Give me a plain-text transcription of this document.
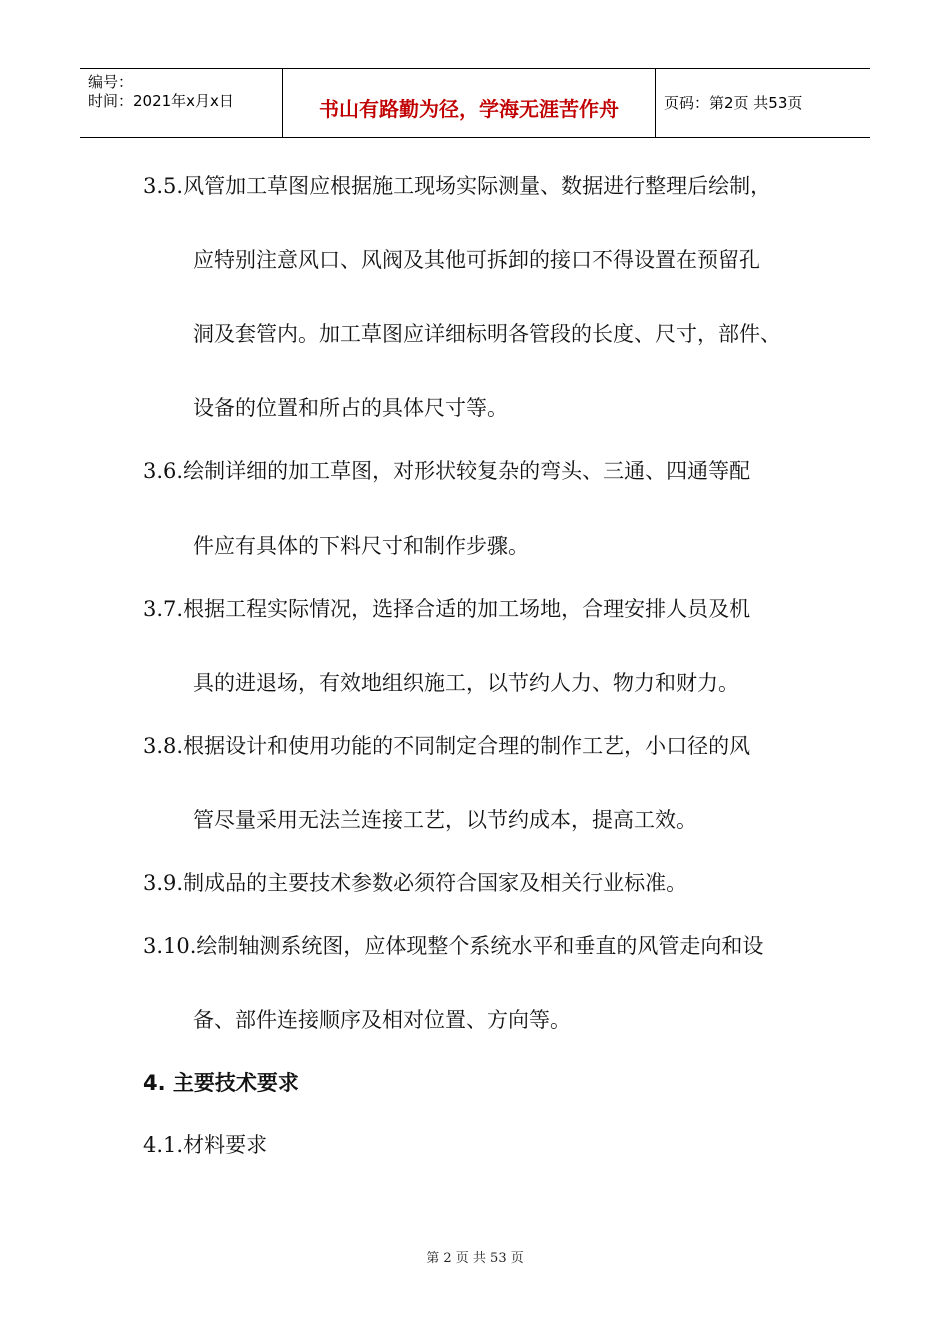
编号：
时间：2021年x月x日	书山有路勤为径，学海无涯苦作舟	页码：第2页 共53页
3.5.风管加工草图应根据施工现场实际测量、数据进行整理后绘制，
应特别注意风口、风阀及其他可拆卸的接口不得设置在预留孔
洞及套管内。加工草图应详细标明各管段的长度、尺寸，部件、
设备的位置和所占的具体尺寸等。
3.6.绘制详细的加工草图，对形状较复杂的弯头、三通、四通等配
件应有具体的下料尺寸和制作步骤。
3.7.根据工程实际情况，选择合适的加工场地，合理安排人员及机
具的进退场，有效地组织施工，以节约人力、物力和财力。
3.8.根据设计和使用功能的不同制定合理的制作工艺，小口径的风
管尽量采用无法兰连接工艺，以节约成本，提高工效。
3.9.制成品的主要技术参数必须符合国家及相关行业标准。
3.10.绘制轴测系统图，应体现整个系统水平和垂直的风管走向和设
备、部件连接顺序及相对位置、方向等。
4. 主要技术要求
4.1.材料要求
第 2 页 共 53 页
